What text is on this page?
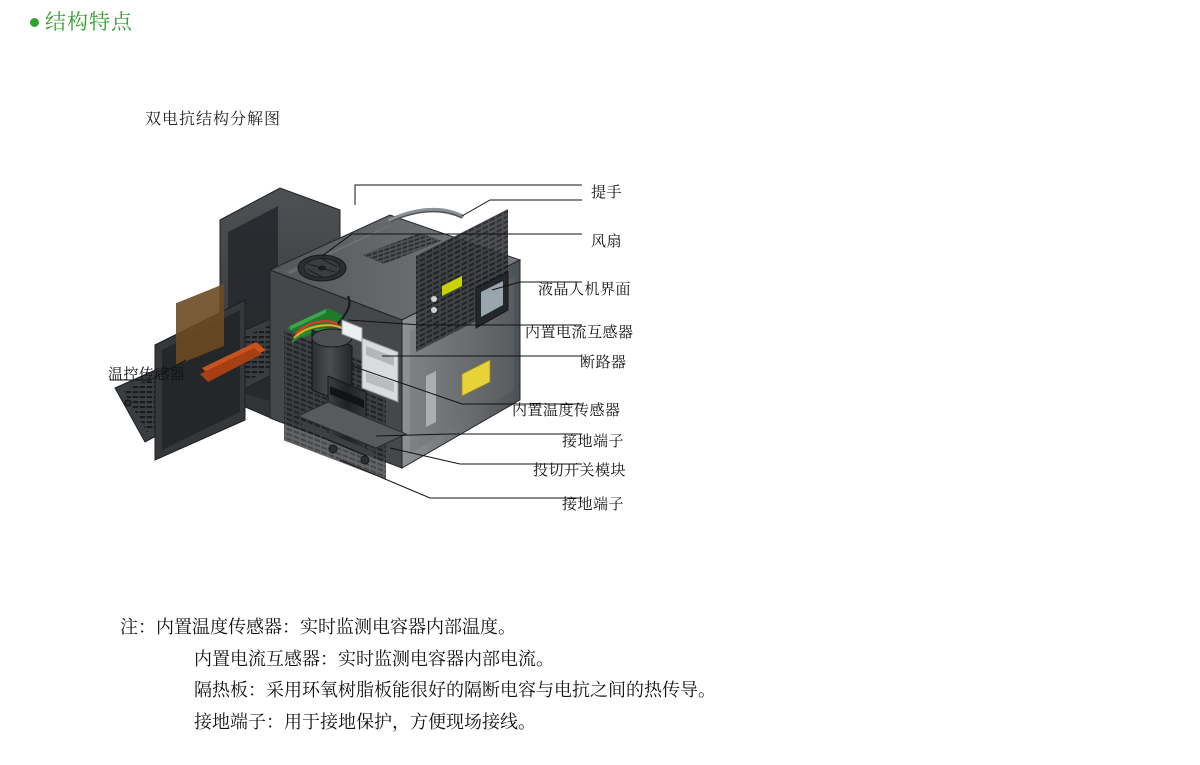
结构特点
双电抗结构分解图
提手
风扇
液晶人机界面
内置电流互感器
断路器
内置温度传感器
接地端子
投切开关模块
接地端子
温控传感器
注：内置温度传感器：实时监测电容器内部温度。
内置电流互感器：实时监测电容器内部电流。
隔热板：采用环氧树脂板能很好的隔断电容与电抗之间的热传导。
接地端子：用于接地保护，方便现场接线。
